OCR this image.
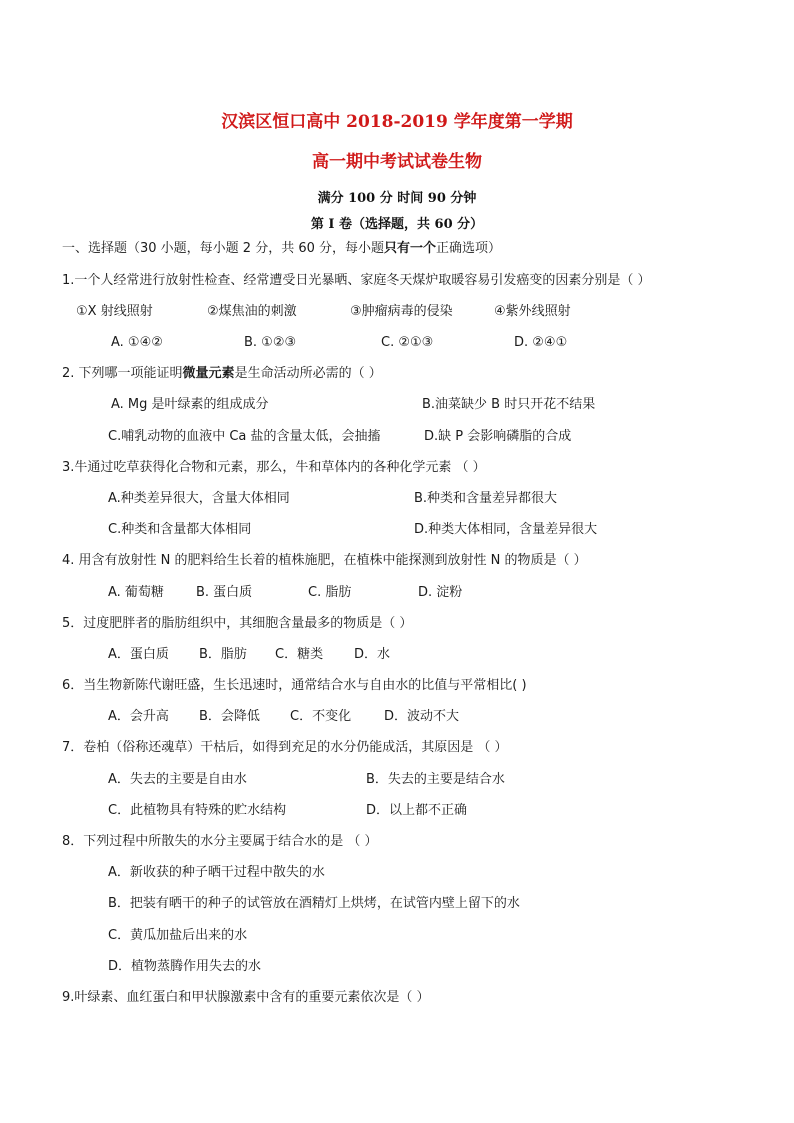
汉滨区恒口高中 2018-2019 学年度第一学期
高一期中考试试卷生物
满分 100 分 时间 90 分钟
第 I 卷（选择题，共 60 分）
一、选择题（30 小题，每小题 2 分，共 60 分，每小题只有一个正确选项）
1.一个人经常进行放射性检查、经常遭受日光暴晒、家庭冬天煤炉取暖容易引发癌变的因素分别是（ ）
①X 射线照射	②煤焦油的刺激	③肿瘤病毒的侵染	④紫外线照射
A. ①④②	B. ①②③	C. ②①③	D. ②④①
2. 下列哪一项能证明微量元素是生命活动所必需的（ ）
A. Mg 是叶绿素的组成成分	B.油菜缺少 B 时只开花不结果
C.哺乳动物的血液中 Ca 盐的含量太低，会抽搐	D.缺 P 会影响磷脂的合成
3.牛通过吃草获得化合物和元素，那么，牛和草体内的各种化学元素 （ ）
A.种类差异很大，含量大体相同	B.种类和含量差异都很大
C.种类和含量都大体相同	D.种类大体相同，含量差异很大
4. 用含有放射性 N 的肥料给生长着的植株施肥，在植株中能探测到放射性 N 的物质是（ ）
A. 葡萄糖 B. 蛋白质	C. 脂肪	D. 淀粉
5．过度肥胖者的脂肪组织中，其细胞含量最多的物质是（ ）
A．蛋白质 B．脂肪 C．糖类 D．水
6．当生物新陈代谢旺盛，生长迅速时，通常结合水与自由水的比值与平常相比( )
A．会升高 B．会降低 C．不变化	D．波动不大
7．卷柏（俗称还魂草）干枯后，如得到充足的水分仍能成活，其原因是 （ ）
A．失去的主要是自由水	B．失去的主要是结合水
C．此植物具有特殊的贮水结构	D．以上都不正确
8．下列过程中所散失的水分主要属于结合水的是 （ ）
A．新收获的种子晒干过程中散失的水
B．把装有晒干的种子的试管放在酒精灯上烘烤，在试管内壁上留下的水
C．黄瓜加盐后出来的水
D．植物蒸腾作用失去的水
9.叶绿素、血红蛋白和甲状腺激素中含有的重要元素依次是（ ）
